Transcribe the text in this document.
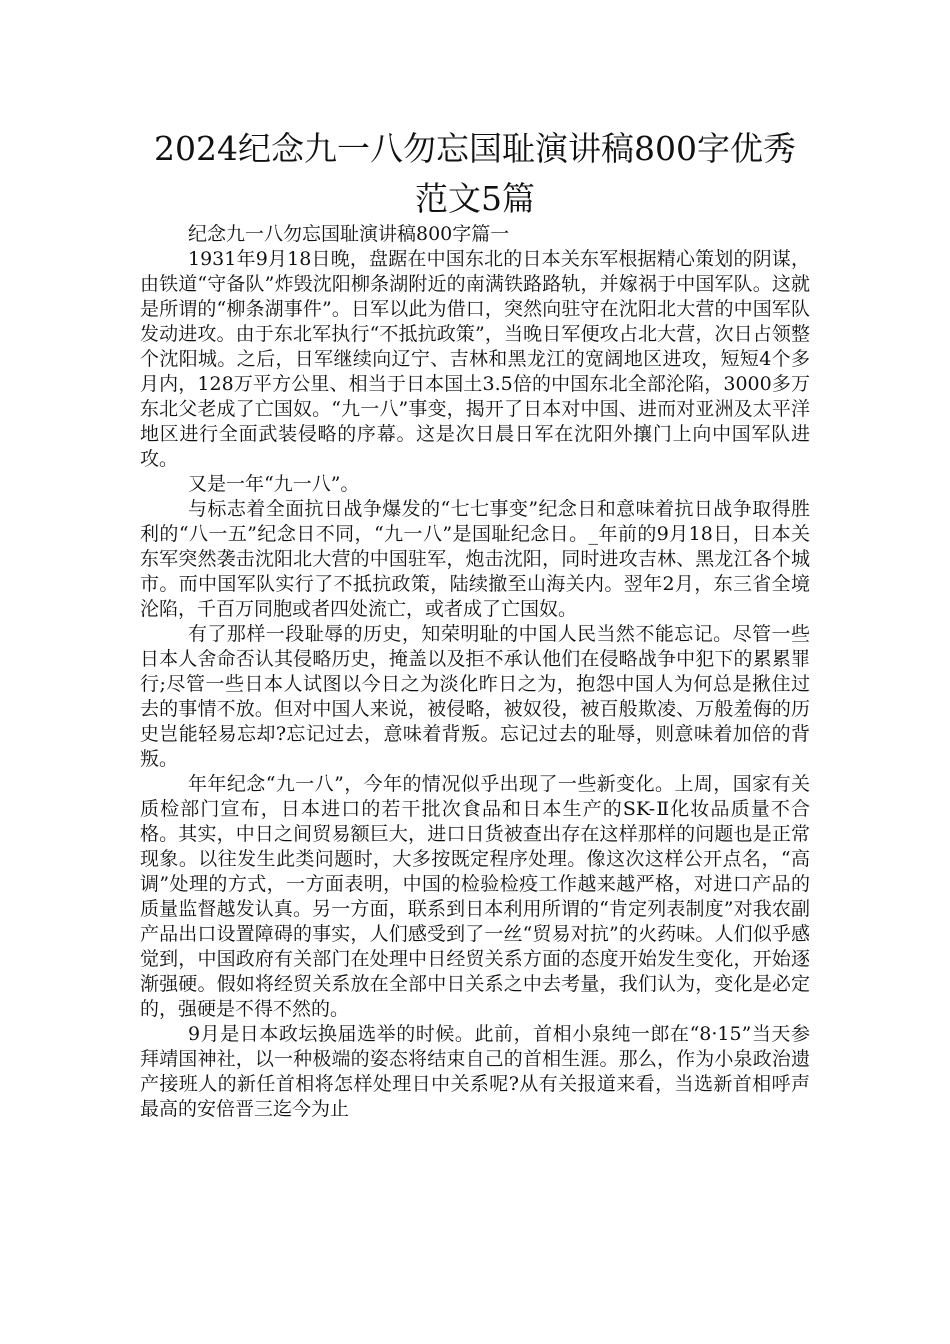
2024纪念九一八勿忘国耻演讲稿800字优秀范文5篇

纪念九一八勿忘国耻演讲稿800字篇一

1931年9月18日晚，盘踞在中国东北的日本关东军根据精心策划的阴谋，由铁道“守备队”炸毁沈阳柳条湖附近的南满铁路路轨，并嫁祸于中国军队。这就是所谓的“柳条湖事件”。日军以此为借口，突然向驻守在沈阳北大营的中国军队发动进攻。由于东北军执行“不抵抗政策”，当晚日军便攻占北大营，次日占领整个沈阳城。之后，日军继续向辽宁、吉林和黑龙江的宽阔地区进攻，短短4个多月内，128万平方公里、相当于日本国土3.5倍的中国东北全部沦陷，3000多万东北父老成了亡国奴。“九一八”事变，揭开了日本对中国、进而对亚洲及太平洋地区进行全面武装侵略的序幕。这是次日晨日军在沈阳外攘门上向中国军队进攻。

又是一年“九一八”。

与标志着全面抗日战争爆发的“七七事变”纪念日和意味着抗日战争取得胜利的“八一五”纪念日不同，“九一八”是国耻纪念日。_年前的9月18日，日本关东军突然袭击沈阳北大营的中国驻军，炮击沈阳，同时进攻吉林、黑龙江各个城市。而中国军队实行了不抵抗政策，陆续撤至山海关内。翌年2月，东三省全境沦陷，千百万同胞或者四处流亡，或者成了亡国奴。

有了那样一段耻辱的历史，知荣明耻的中国人民当然不能忘记。尽管一些日本人舍命否认其侵略历史，掩盖以及拒不承认他们在侵略战争中犯下的累累罪行;尽管一些日本人试图以今日之为淡化昨日之为，抱怨中国人为何总是揪住过去的事情不放。但对中国人来说，被侵略，被奴役，被百般欺凌、万般羞侮的历史岂能轻易忘却?忘记过去，意味着背叛。忘记过去的耻辱，则意味着加倍的背叛。

年年纪念“九一八”，今年的情况似乎出现了一些新变化。上周，国家有关质检部门宣布，日本进口的若干批次食品和日本生产的SK-Ⅱ化妆品质量不合格。其实，中日之间贸易额巨大，进口日货被查出存在这样那样的问题也是正常现象。以往发生此类问题时，大多按既定程序处理。像这次这样公开点名，“高调”处理的方式，一方面表明，中国的检验检疫工作越来越严格，对进口产品的质量监督越发认真。另一方面，联系到日本利用所谓的“肯定列表制度”对我农副产品出口设置障碍的事实，人们感受到了一丝“贸易对抗”的火药味。人们似乎感觉到，中国政府有关部门在处理中日经贸关系方面的态度开始发生变化，开始逐渐强硬。假如将经贸关系放在全部中日关系之中去考量，我们认为，变化是必定的，强硬是不得不然的。

9月是日本政坛换届选举的时候。此前，首相小泉纯一郎在“8·15”当天参拜靖国神社，以一种极端的姿态将结束自己的首相生涯。那么，作为小泉政治遗产接班人的新任首相将怎样处理日中关系呢?从有关报道来看，当选新首相呼声最高的安倍晋三迄今为止
